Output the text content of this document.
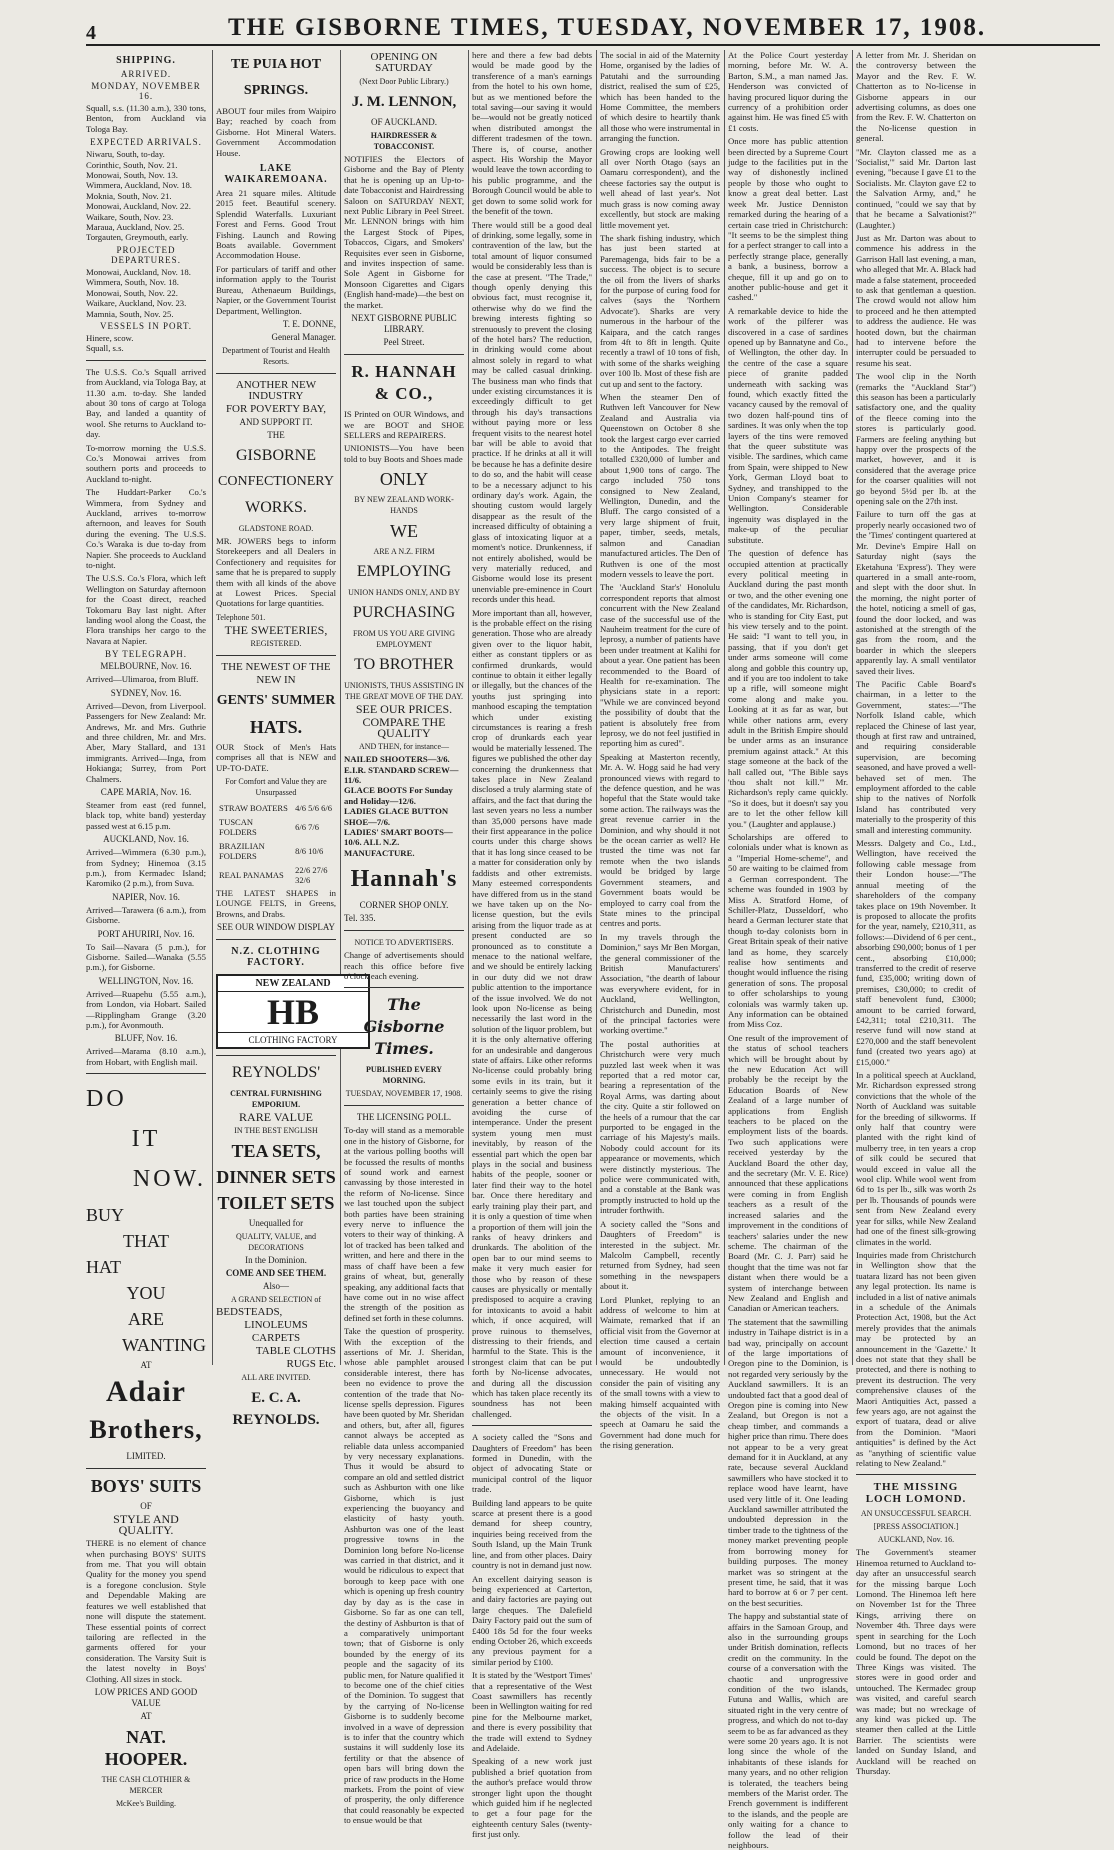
4	THE GISBORNE TIMES, TUESDAY, NOVEMBER 17, 1908.
SHIPPING.
ARRIVED.
MONDAY, NOVEMBER 16.

Squall, s.s. (11.30 a.m.), 330 tons, Benton, from Auckland via Tologa Bay.

EXPECTED ARRIVALS.
Niwaru, South, to-day.
Corinthic, South, Nov. 21.
Monowai, South, Nov. 13.
Wimmera, Auckland, Nov. 18.
Moknia, South, Nov. 21.
Monowai, Auckland, Nov. 22.
Waikare, South, Nov. 23.
Maraua, Auckland, Nov. 25.
Torgauten, Greymouth, early.
PROJECTED DEPARTURES.
Monowai, Auckland, Nov. 18.
Wimmera, South, Nov. 18.
Monowai, South, Nov. 22.
Waikare, Auckland, Nov. 23.
Mamnia, South, Nov. 25.
VESSELS IN PORT.
Hinere, scow.
Squall, s.s.

The U.S.S. Co.'s Squall arrived from Auckland, via Tologa Bay, at 11.30 a.m. to-day. She landed about 30 tons of cargo at Tologa Bay, and landed a quantity of wool. She returns to Auckland to-day.

To-morrow morning the U.S.S. Co.'s Monowai arrives from southern ports and proceeds to Auckland to-night.

The Huddart-Parker Co.'s Wimmera, from Sydney and Auckland, arrives to-morrow afternoon, and leaves for South during the evening. The U.S.S. Co.'s Waraka is due to-day from Napier. She proceeds to Auckland to-night.

The U.S.S. Co.'s Flora, which left Wellington on Saturday afternoon for the Coast direct, reached Tokomaru Bay last night. After landing wool along the Coast, the Flora tranships her cargo to the Navara at Napier.

BY TELEGRAPH.
MELBOURNE, Nov. 16.

Arrived—Ulimaroa, from Bluff.

SYDNEY, Nov. 16.

Arrived—Devon, from Liverpool. Passengers for New Zealand: Mr. Andrews, Mr. and Mrs. Guthrie and three children, Mr. and Mrs. Aber, Mary Stallard, and 131 immigrants. Arrived—Inga, from Hokianga; Surrey, from Port Chalmers.

CAPE MARIA, Nov. 16.

Steamer from east (red funnel, black top, white band) yesterday passed west at 6.15 p.m.

AUCKLAND, Nov. 16.

Arrived—Wimmera (6.30 p.m.), from Sydney; Hinemoa (3.15 p.m.), from Kermadec Island; Karomiko (2 p.m.), from Suva.

NAPIER, Nov. 16.

Arrived—Tarawera (6 a.m.), from Gisborne.

PORT AHURIRI, Nov. 16.

To Sail—Navara (5 p.m.), for Gisborne. Sailed—Wanaka (5.55 p.m.), for Gisborne.

WELLINGTON, Nov. 16.

Arrived—Ruapehu (5.55 a.m.), from London, via Hobart. Sailed—Ripplingham Grange (3.20 p.m.), for Avonmouth.

BLUFF, Nov. 16.

Arrived—Marama (8.10 a.m.), from Hobart, with English mail.

DO
IT
NOW.
BUY
THAT
HAT
YOU
ARE
WANTING
AT
Adair
Brothers,
LIMITED.
BOYS' SUITS
OF
STYLE AND QUALITY.

THERE is no element of chance when purchasing BOYS' SUITS from me. That you will obtain Quality for the money you spend is a foregone conclusion. Style and Dependable Making are features we well established that none will dispute the statement. These essential points of correct tailoring are reflected in the garments offered for your consideration. The Varsity Suit is the latest novelty in Boys' Clothing. All sizes in stock.

LOW PRICES AND GOOD VALUE
AT
NAT. HOOPER.
THE CASH CLOTHIER & MERCER
McKee's Building.
TE PUIA HOT
SPRINGS.

ABOUT four miles from Waipiro Bay; reached by coach from Gisborne. Hot Mineral Waters. Government Accommodation House.

LAKE WAIKAREMOANA.

Area 21 square miles. Altitude 2015 feet. Beautiful scenery. Splendid Waterfalls. Luxuriant Forest and Ferns. Good Trout Fishing. Launch and Rowing Boats available. Government Accommodation House.

For particulars of tariff and other information apply to the Tourist Bureau, Athenaeum Buildings, Napier, or the Government Tourist Department, Wellington.

T. E. DONNE,
General Manager.
Department of Tourist and Health Resorts.
ANOTHER NEW INDUSTRY
FOR POVERTY BAY,
AND SUPPORT IT.
THE
GISBORNE
CONFECTIONERY
WORKS.
GLADSTONE ROAD.

MR. JOWERS begs to inform Storekeepers and all Dealers in Confectionery and requisites for same that he is prepared to supply them with all kinds of the above at Lowest Prices. Special Quotations for large quantities.

Telephone 501.
THE SWEETERIES,
REGISTERED.
THE NEWEST OF THE
NEW IN
GENTS' SUMMER
HATS.

OUR Stock of Men's Hats comprises all that is NEW and UP-TO-DATE.

For Comfort and Value they are Unsurpassed
STRAW BOATERS	4/6 5/6 6/6
TUSCAN FOLDERS	6/6 7/6
BRAZILIAN FOLDERS	8/6 10/6
REAL PANAMAS	22/6 27/6 32/6

THE LATEST SHAPES in LOUNGE FELTS, in Greens, Browns, and Drabs.

SEE OUR WINDOW DISPLAY
N.Z. CLOTHING FACTORY.
NEW ZEALAND
HB
CLOTHING FACTORY
REYNOLDS'
CENTRAL FURNISHING EMPORIUM.
RARE VALUE
IN THE BEST ENGLISH
TEA SETS,
DINNER SETS
TOILET SETS
Unequalled for
QUALITY, VALUE, and DECORATIONS
In the Dominion.
COME AND SEE THEM.
Also—
A GRAND SELECTION of
BEDSTEADS,
LINOLEUMS
CARPETS
TABLE CLOTHS
RUGS Etc.
ALL ARE INVITED.
E. C. A. REYNOLDS.
OPENING ON SATURDAY
(Next Door Public Library.)
J. M. LENNON,
OF AUCKLAND.
HAIRDRESSER & TOBACCONIST.

NOTIFIES the Electors of Gisborne and the Bay of Plenty that he is opening up an Up-to-date Tobacconist and Hairdressing Saloon on SATURDAY NEXT, next Public Library in Peel Street. Mr. LENNON brings with him the Largest Stock of Pipes, Tobaccos, Cigars, and Smokers' Requisites ever seen in Gisborne, and invites inspection of same. Sole Agent in Gisborne for Monsoon Cigarettes and Cigars (English hand-made)—the best on the market.

NEXT GISBORNE PUBLIC LIBRARY.
Peel Street.
R. HANNAH & CO.,

IS Printed on OUR Windows, and we are BOOT and SHOE SELLERS and REPAIRERS.

UNIONISTS—You have been told to buy Boots and Shoes made

ONLY
BY NEW ZEALAND WORK-HANDS
WE
ARE A N.Z. FIRM
EMPLOYING
UNION HANDS ONLY, AND BY
PURCHASING
FROM US YOU ARE GIVING EMPLOYMENT
TO BROTHER
UNIONISTS, THUS ASSISTING IN THE GREAT MOVE OF THE DAY.
SEE OUR PRICES.
COMPARE THE QUALITY
AND THEN, for instance—
NAILED SHOOTERS—3/6.
E.I.R. STANDARD SCREW—11/6.
GLACE BOOTS For Sunday and Holiday—12/6.
LADIES GLACE BUTTON SHOE—7/6.
LADIES' SMART BOOTS—10/6. ALL N.Z. MANUFACTURE.
Hannah's
CORNER SHOP ONLY.
Tel. 335.
NOTICE TO ADVERTISERS.

Change of advertisements should reach this office before five o'clock each evening.

The Gisborne Times.
PUBLISHED EVERY MORNING.
TUESDAY, NOVEMBER 17, 1908.
THE LICENSING POLL.

To-day will stand as a memorable one in the history of Gisborne, for at the various polling booths will be focussed the results of months of sound work and earnest canvassing by those interested in the reform of No-license. Since we last touched upon the subject both parties have been straining every nerve to influence the voters to their way of thinking. A lot of tracked has been talked and written, and here and there in the mass of chaff have been a few grains of wheat, but, generally speaking, any additional facts that have come out in no wise affect the strength of the position as defined set forth in these columns.

Take the question of prosperity. With the exception of the assertions of Mr. J. Sheridan, whose able pamphlet aroused considerable interest, there has been no evidence to prove the contention of the trade that No-license spells depression. Figures have been quoted by Mr. Sheridan and others, but, after all, figures cannot always be accepted as reliable data unless accompanied by very necessary explanations. Thus it would be absurd to compare an old and settled district such as Ashburton with one like Gisborne, which is just experiencing the buoyancy and elasticity of hasty youth. Ashburton was one of the least progressive towns in the Dominion long before No-license was carried in that district, and it would be ridiculous to expect that borough to keep pace with one which is opening up fresh country day by day as is the case in Gisborne. So far as one can tell, the destiny of Ashburton is that of a comparatively unimportant town; that of Gisborne is only bounded by the energy of its people and the sagacity of its public men, for Nature qualified it to become one of the chief cities of the Dominion. To suggest that by the carrying of No-license Gisborne is to suddenly become involved in a wave of depression is to infer that the country which sustains it will suddenly lose its fertility or that the absence of open bars will bring down the price of raw products in the Home markets. From the point of view of prosperity, the only difference that could reasonably be expected to ensue would be that

here and there a few bad debts would be made good by the transference of a man's earnings from the hotel to his own home, but as we mentioned before the total saving—our saving it would be—would not be greatly noticed when distributed amongst the different tradesmen of the town. There is, of course, another aspect. His Worship the Mayor would leave the town according to his public programme, and the Borough Council would be able to get down to some solid work for the benefit of the town.

There would still be a good deal of drinking, some legally, some in contravention of the law, but the total amount of liquor consumed would be considerably less than is the case at present. "The Trade," though openly denying this obvious fact, must recognise it, otherwise why do we find the brewing interests fighting so strenuously to prevent the closing of the hotel bars? The reduction, in drinking would come about almost solely in regard to what may be called casual drinking. The business man who finds that under existing circumstances it is exceedingly difficult to get through his day's transactions without paying more or less frequent visits to the nearest hotel bar will be able to avoid that practice. If he drinks at all it will be because he has a definite desire to do so, and the habit will cease to be a necessary adjunct to his ordinary day's work. Again, the shouting custom would largely disappear as the result of the increased difficulty of obtaining a glass of intoxicating liquor at a moment's notice. Drunkenness, if not entirely abolished, would be very materially reduced, and Gisborne would lose its present unenviable pre-eminence in Court records under this head.

More important than all, however, is the probable effect on the rising generation. Those who are already given over to the liquor habit, either as constant tipplers or as confirmed drunkards, would continue to obtain it either legally or illegally, but the chances of the youths just springing into manhood escaping the temptation which under existing circumstances is rearing a fresh crop of drunkards each year would be materially lessened. The figures we published the other day concerning the drunkenness that takes place in New Zealand disclosed a truly alarming state of affairs, and the fact that during the last seven years no less a number than 35,000 persons have made their first appearance in the police courts under this charge shows that it has long since ceased to be a matter for consideration only by faddists and other extremists. Many esteemed correspondents have differed from us in the stand we have taken up on the No-license question, but the evils arising from the liquor trade as at present conducted are so pronounced as to constitute a menace to the national welfare, and we should be entirely lacking in our duty did we not draw public attention to the importance of the issue involved. We do not look upon No-license as being necessarily the last word in the solution of the liquor problem, but it is the only alternative offering for an undesirable and dangerous state of affairs. Like other reforms No-license could probably bring some evils in its train, but it certainly seems to give the rising generation a better chance of avoiding the curse of intemperance. Under the present system young men must inevitably, by reason of the essential part which the open bar plays in the social and business habits of the people, sooner or later find their way to the hotel bar. Once there hereditary and early training play their part, and it is only a question of time when a proportion of them will join the ranks of heavy drinkers and drunkards. The abolition of the open bar to our mind seems to make it very much easier for those who by reason of these causes are physically or mentally predisposed to acquire a craving for intoxicants to avoid a habit which, if once acquired, will prove ruinous to themselves, distressing to their friends, and harmful to the State. This is the strongest claim that can be put forth by No-license advocates, and during all the discussion which has taken place recently its soundness has not been challenged.

A society called the "Sons and Daughters of Freedom" has been formed in Dunedin, with the object of advocating State or municipal control of the liquor trade.

Building land appears to be quite scarce at present there is a good demand for sheep country, inquiries being received from the South Island, up the Main Trunk line, and from other places. Dairy country is not in demand just now.

An excellent dairying season is being experienced at Carterton, and dairy factories are paying out large cheques. The Dalefield Dairy Factory paid out the sum of £400 18s 5d for the four weeks ending October 26, which exceeds any previous payment for a similar period by £100.

It is stated by the 'Westport Times' that a representative of the West Coast sawmillers has recently been in Wellington waiting for red pine for the Melbourne market, and there is every possibility that the trade will extend to Sydney and Adelaide.

Speaking of a new work just published a brief quotation from the author's preface would throw stronger light upon the thought which guided him if he neglected to get a four page for the eighteenth century Sales (twenty-first just only.

The social in aid of the Maternity Home, organised by the ladies of Patutahi and the surrounding district, realised the sum of £25, which has been handed to the Home Committee, the members of which desire to heartily thank all those who were instrumental in arranging the function.

Growing crops are looking well all over North Otago (says an Oamaru correspondent), and the cheese factories say the output is well ahead of last year's. Not much grass is now coming away excellently, but stock are making little movement yet.

The shark fishing industry, which has just been started at Paremagenga, bids fair to be a success. The object is to secure the oil from the livers of sharks for the purpose of curing food for calves (says the 'Northern Advocate'). Sharks are very numerous in the harbour of the Kaipara, and the catch ranges from 4ft to 8ft in length. Quite recently a trawl of 10 tons of fish, with some of the sharks weighing over 100 lb. Most of these fish are cut up and sent to the factory.

When the steamer Den of Ruthven left Vancouver for New Zealand and Australia via Queenstown on October 8 she took the largest cargo ever carried to the Antipodes. The freight totalled £320,000 of lumber and about 1,900 tons of cargo. The cargo included 750 tons consigned to New Zealand, Wellington, Dunedin, and the Bluff. The cargo consisted of a very large shipment of fruit, paper, timber, seeds, metals, salmon and Canadian manufactured articles. The Den of Ruthven is one of the most modern vessels to leave the port.

The 'Auckland Star's' Honolulu correspondent reports that almost concurrent with the New Zealand case of the successful use of the Nauheim treatment for the cure of leprosy, a number of patients have been under treatment at Kalihi for about a year. One patient has been recommended to the Board of Health for re-examination. The physicians state in a report: "While we are convinced beyond the possibility of doubt that the patient is absolutely free from leprosy, we do not feel justified in reporting him as cured".

Speaking at Masterton recently, Mr. A. W. Hogg said he had very pronounced views with regard to the defence question, and he was hopeful that the State would take some action. The railways was the great revenue carrier in the Dominion, and why should it not be the ocean carrier as well? He trusted the time was not far remote when the two islands would be bridged by large Government steamers, and Government boats would be employed to carry coal from the State mines to the principal centres and ports.

In my travels through the Dominion," says Mr Ben Morgan, the general commissioner of the British Manufacturers' Association, "the dearth of labour was everywhere evident, for in Auckland, Wellington, Christchurch and Dunedin, most of the principal factories were working overtime."

The postal authorities at Christchurch were very much puzzled last week when it was reported that a red motor car, bearing a representation of the Royal Arms, was darting about the city. Quite a stir followed on the heels of a rumour that the car purported to be engaged in the carriage of his Majesty's mails. Nobody could account for its appearance or movements, which were distinctly mysterious. The police were communicated with, and a constable at the Bank was promptly instructed to hold up the intruder forthwith.

A society called the "Sons and Daughters of Freedom" is interested in the subject. Mr. Malcolm Campbell, recently returned from Sydney, had seen something in the newspapers about it.

Lord Plunket, replying to an address of welcome to him at Waimate, remarked that if an official visit from the Governor at election time caused a certain amount of inconvenience, it would be undoubtedly unnecessary. He would not consider the pain of visiting any of the small towns with a view to making himself acquainted with the objects of the visit. In a speech at Oamaru he said the Government had done much for the rising generation.

At the Police Court yesterday morning, before Mr. W. A. Barton, S.M., a man named Jas. Henderson was convicted of having procured liquor during the currency of a prohibition order against him. He was fined £5 with £1 costs.

Once more has public attention been directed by a Supreme Court judge to the facilities put in the way of dishonestly inclined people by those who ought to know a great deal better. Last week Mr. Justice Denniston remarked during the hearing of a certain case tried in Christchurch: "It seems to be the simplest thing for a perfect stranger to call into a perfectly strange place, generally a bank, a business, borrow a cheque, fill it up and go on to another public-house and get it cashed."

A remarkable device to hide the work of the pilferer was discovered in a case of sardines opened up by Bannatyne and Co., of Wellington, the other day. In the centre of the case a square piece of granite padded underneath with sacking was found, which exactly fitted the vacancy caused by the removal of two dozen half-pound tins of sardines. It was only when the top layers of the tins were removed that the queer substitute was visible. The sardines, which came from Spain, were shipped to New York, German Lloyd boat to Sydney, and transhipped to the Union Company's steamer for Wellington. Considerable ingenuity was displayed in the make-up of the peculiar substitute.

The question of defence has occupied attention at practically every political meeting in Auckland during the past month or two, and the other evening one of the candidates, Mr. Richardson, who is standing for City East, put his view tersely and to the point. He said: "I want to tell you, in passing, that if you don't get under arms someone will come along and gobble this country up, and if you are too indolent to take up a rifle, will someone might come along and make you. Looking at it as far as war, but while other nations arm, every adult in the British Empire should be under arms as an insurance premium against attack." At this stage someone at the back of the hall called out, "The Bible says 'thou shalt not kill.'" Mr. Richardson's reply came quickly. "So it does, but it doesn't say you are to let the other fellow kill you." (Laughter and applause.)

Scholarships are offered to colonials under what is known as a "Imperial Home-scheme", and 50 are waiting to be claimed from a German correspondent. The scheme was founded in 1903 by Miss A. Stratford Home, of Schiller-Platz, Dusseldorf, who heard a German lecturer state that though to-day colonists born in Great Britain speak of their native land as home, they scarcely realise how sentiments and thought would influence the rising generation of sons. The proposal to offer scholarships to young colonials was warmly taken up. Any information can be obtained from Miss Coz.

One result of the improvement of the status of school teachers which will be brought about by the new Education Act will probably be the receipt by the Education Boards of New Zealand of a large number of applications from English teachers to be placed on the employment lists of the boards. Two such applications were received yesterday by the Auckland Board the other day, and the secretary (Mr. V. E. Rice) announced that these applications were coming in from English teachers as a result of the increased salaries and the improvement in the conditions of teachers' salaries under the new scheme. The chairman of the Board (Mr. C. J. Parr) said he thought that the time was not far distant when there would be a system of interchange between New Zealand and English and Canadian or American teachers.

The statement that the sawmilling industry in Taihape district is in a bad way, principally on account of the large importations of Oregon pine to the Dominion, is not regarded very seriously by the Auckland sawmillers. It is an undoubted fact that a good deal of Oregon pine is coming into New Zealand, but Oregon is not a cheap timber, and commands a higher price than rimu. There does not appear to be a very great demand for it in Auckland, at any rate, because several Auckland sawmillers who have stocked it to replace wood have learnt, have used very little of it. One leading Auckland sawmiller attributed the undoubted depression in the timber trade to the tightness of the money market preventing people from borrowing money for building purposes. The money market was so stringent at the present time, he said, that it was hard to borrow at 6 or 7 per cent. on the best securities.

The happy and substantial state of affairs in the Samoan Group, and also in the surrounding groups under British domination, reflects credit on the community. In the course of a conversation with the chaotic and unprogressive condition of the two islands, Futuna and Wallis, which are situated right in the very centre of progress, and which do not to-day seem to be as far advanced as they were some 20 years ago. It is not long since the whole of the inhabitants of these islands for many years, and no other religion is tolerated, the teachers being members of the Marist order. The French government is indifferent to the islands, and the people are only waiting for a chance to follow the lead of their neighbours.

A letter from Mr. J. Sheridan on the controversy between the Mayor and the Rev. F. W. Chatterton as to No-license in Gisborne appears in our advertising columns, as does one from the Rev. F. W. Chatterton on the No-license question in general.

"Mr. Clayton classed me as a 'Socialist,'" said Mr. Darton last evening, "because I gave £1 to the Socialists. Mr. Clayton gave £2 to the Salvation Army, and," he continued, "could we say that by that he became a Salvationist?" (Laughter.)

Just as Mr. Darton was about to commence his address in the Garrison Hall last evening, a man, who alleged that Mr. A. Black had made a false statement, proceeded to ask that gentleman a question. The crowd would not allow him to proceed and he then attempted to address the audience. He was hooted down, but the chairman had to intervene before the interrupter could be persuaded to resume his seat.

The wool clip in the North (remarks the "Auckland Star") this season has been a particularly satisfactory one, and the quality of the fleece coming into the stores is particularly good. Farmers are feeling anything but happy over the prospects of the market, however, and it is considered that the average price for the coarser qualities will not go beyond 5½d per lb. at the opening sale on the 27th inst.

Failure to turn off the gas at properly nearly occasioned two of the 'Times' contingent quartered at Mr. Devine's Empire Hall on Saturday night (says the Eketahuna 'Express'). They were quartered in a small ante-room, and slept with the door shut. In the morning, the night porter of the hotel, noticing a smell of gas, found the door locked, and was astonished at the strength of the gas from the room, and the boarder in which the sleepers apparently lay. A small ventilator saved their lives.

The Pacific Cable Board's chairman, in a letter to the Government, states:—"The Norfolk Island cable, which replaced the Chinese of last year, though at first raw and untrained, and requiring considerable supervision, are becoming seasoned, and have proved a well-behaved set of men. The employment afforded to the cable ship to the natives of Norfolk Island has contributed very materially to the prosperity of this small and interesting community.

Messrs. Dalgety and Co., Ltd., Wellington, have received the following cable message from their London house:—"The annual meeting of the shareholders of the company takes place on 19th November. It is proposed to allocate the profits for the year, namely, £210,311, as follows:—Dividend of 6 per cent., absorbing £90,000; bonus of 1 per cent., absorbing £10,000; transferred to the credit of reserve fund, £35,000; writing down of premises, £30,000; to credit of staff benevolent fund, £3000; amount to be carried forward, £42,311; total £210,311. The reserve fund will now stand at £270,000 and the staff benevolent fund (created two years ago) at £15,000."

In a political speech at Auckland, Mr. Richardson expressed strong convictions that the whole of the North of Auckland was suitable for the breeding of silkworms. If only half that country were planted with the right kind of mulberry tree, in ten years a crop of silk could be secured that would exceed in value all the wool clip. While wool went from 6d to 1s per lb., silk was worth 2s per lb. Thousands of pounds were sent from New Zealand every year for silks, while New Zealand had one of the finest silk-growing climates in the world.

Inquiries made from Christchurch in Wellington show that the tuatara lizard has not been given any legal protection. Its name is included in a list of native animals in a schedule of the Animals Protection Act, 1908, but the Act merely provides that the animals may be protected by an announcement in the 'Gazette.' It does not state that they shall be protected, and there is nothing to prevent its destruction. The very comprehensive clauses of the Maori Antiquities Act, passed a few years ago, are not against the export of tuatara, dead or alive from the Dominion. "Maori antiquities" is defined by the Act as "anything of scientific value relating to New Zealand."

THE MISSING LOCH LOMOND.
AN UNSUCCESSFUL SEARCH.
[PRESS ASSOCIATION.]
AUCKLAND, Nov. 16.

The Government's steamer Hinemoa returned to Auckland to-day after an unsuccessful search for the missing barque Loch Lomond. The Hinemoa left here on November 1st for the Three Kings, arriving there on November 4th. Three days were spent in searching for the Loch Lomond, but no traces of her could be found. The depot on the Three Kings was visited. The stores were in good order and untouched. The Kermadec group was visited, and careful search was made; but no wreckage of any kind was picked up. The steamer then called at the Little Barrier. The scientists were landed on Sunday Island, and Auckland will be reached on Thursday.
